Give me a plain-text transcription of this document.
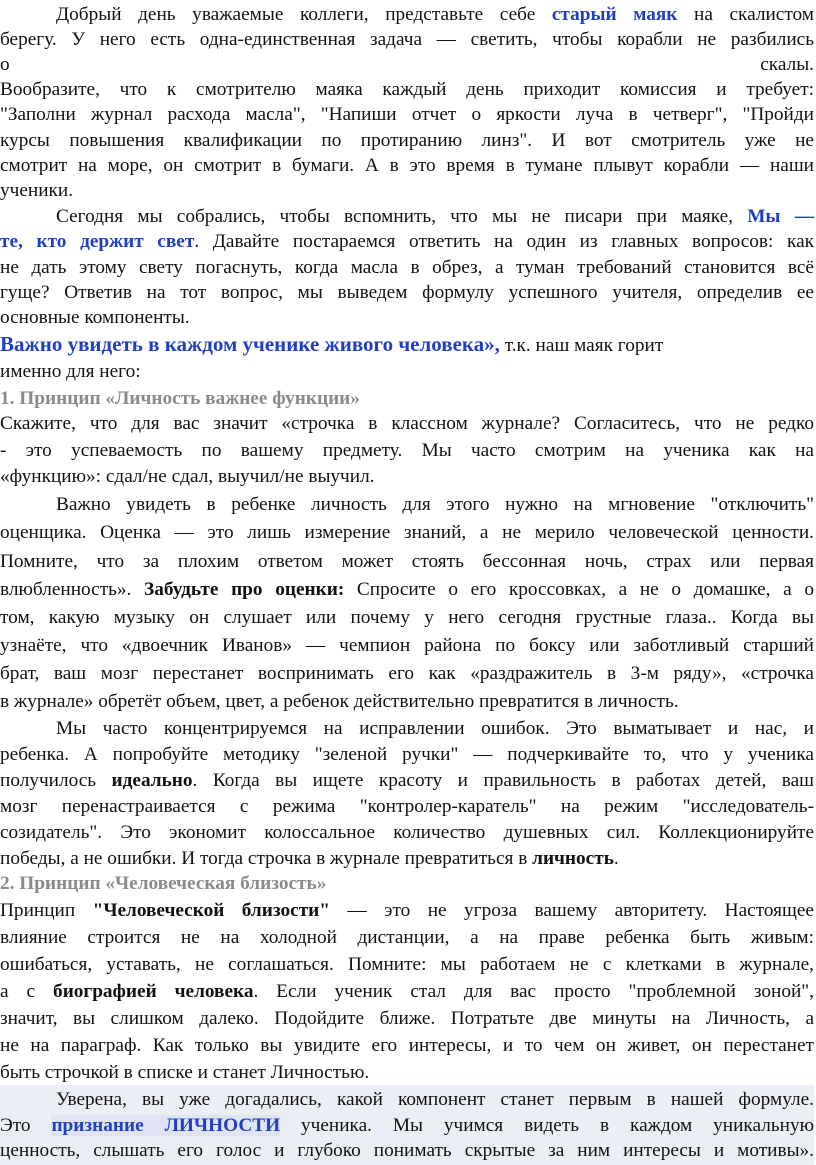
Добрый день уважаемые коллеги, представьте себе старый маяк на скалистом
берегу. У него есть одна-единственная задача — светить, чтобы корабли не разбились
о скалы.
Вообразите, что к смотрителю маяка каждый день приходит комиссия и требует:
"Заполни журнал расхода масла", "Напиши отчет о яркости луча в четверг", "Пройди
курсы повышения квалификации по протиранию линз". И вот смотритель уже не
смотрит на море, он смотрит в бумаги. А в это время в тумане плывут корабли — наши
ученики.
Сегодня мы собрались, чтобы вспомнить, что мы не писари при маяке, Мы —
те, кто держит свет. Давайте постараемся ответить на один из главных вопросов: как
не дать этому свету погаснуть, когда масла в обрез, а туман требований становится всё
гуще? Ответив на тот вопрос, мы выведем формулу успешного учителя, определив ее
основные компоненты.
Важно увидеть в каждом ученике живого человека», т.к. наш маяк горит
именно для него:
1. Принцип «Личность важнее функции»
Скажите, что для вас значит «строчка в классном журнале? Согласитесь, что не редко
- это успеваемость по вашему предмету. Мы часто смотрим на ученика как на
«функцию»: сдал/не сдал, выучил/не выучил.
Важно увидеть в ребенке личность для этого нужно на мгновение "отключить"
оценщика. Оценка — это лишь измерение знаний, а не мерило человеческой ценности.
Помните, что за плохим ответом может стоять бессонная ночь, страх или первая
влюбленность». Забудьте про оценки: Спросите о его кроссовках, а не о домашке, а о
том, какую музыку он слушает или почему у него сегодня грустные глаза.. Когда вы
узнаёте, что «двоечник Иванов» — чемпион района по боксу или заботливый старший
брат, ваш мозг перестанет воспринимать его как «раздражитель в 3-м ряду», «строчка
в журнале» обретёт объем, цвет, а ребенок действительно превратится в личность.
Мы часто концентрируемся на исправлении ошибок. Это выматывает и нас, и
ребенка. А попробуйте методику "зеленой ручки" — подчеркивайте то, что у ученика
получилось идеально. Когда вы ищете красоту и правильность в работах детей, ваш
мозг перенастраивается с режима "контролер-каратель" на режим "исследователь-
созидатель". Это экономит колоссальное количество душевных сил. Коллекционируйте
победы, а не ошибки. И тогда строчка в журнале превратиться в личность.
2. Принцип «Человеческая близость»
Принцип "Человеческой близости" — это не угроза вашему авторитету. Настоящее
влияние строится не на холодной дистанции, а на праве ребенка быть живым:
ошибаться, уставать, не соглашаться. Помните: мы работаем не с клетками в журнале,
а с биографией человека. Если ученик стал для вас просто "проблемной зоной",
значит, вы слишком далеко. Подойдите ближе. Потратьте две минуты на Личность, а
не на параграф. Как только вы увидите его интересы, и то чем он живет, он перестанет
быть строчкой в списке и станет Личностью.
Уверена, вы уже догадались, какой компонент станет первым в нашей формуле.
Это признание ЛИЧНОСТИ ученика. Мы учимся видеть в каждом уникальную
ценность, слышать его голос и глубоко понимать скрытые за ним интересы и мотивы».
